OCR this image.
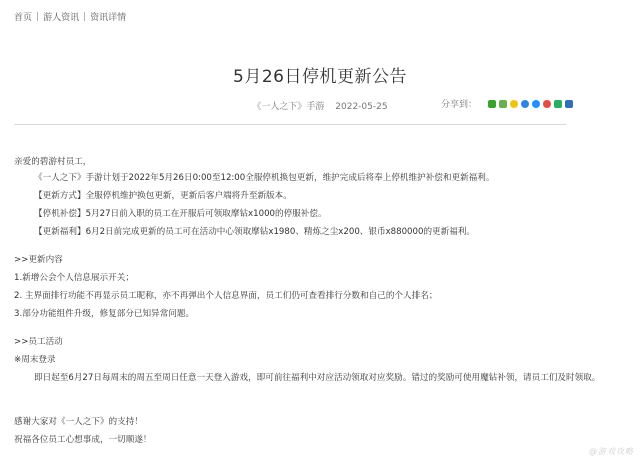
首页 | 游人资讯 | 资讯详情
5月26日停机更新公告
《一人之下》手游 2022-05-25	分享到：
亲爱的碧游村员工，
《一人之下》手游计划于2022年5月26日0:00至12:00全服停机换包更新，维护完成后将奉上停机维护补偿和更新福利。
【更新方式】全服停机维护换包更新，更新后客户端将升至新版本。
【停机补偿】5月27日前入职的员工在开服后可领取摩钻x1000的停服补偿。
【更新福利】6月2日前完成更新的员工可在活动中心领取摩钻x1980、精炼之尘x200、银币x880000的更新福利。
>>更新内容
1.新增公会个人信息展示开关；
2. 主界面排行功能不再显示员工昵称，亦不再弹出个人信息界面，员工们仍可查看排行分数和自己的个人排名；
3.部分功能组件升级，修复部分已知异常问题。
>>员工活动
※周末登录
即日起至6月27日每周末的周五至周日任意一天登入游戏，即可前往福利中对应活动领取对应奖励。错过的奖励可使用魔钻补领，请员工们及时领取。
感谢大家对《一人之下》的支持！
祝福各位员工心想事成，一切顺遂！
@游戏攻略
